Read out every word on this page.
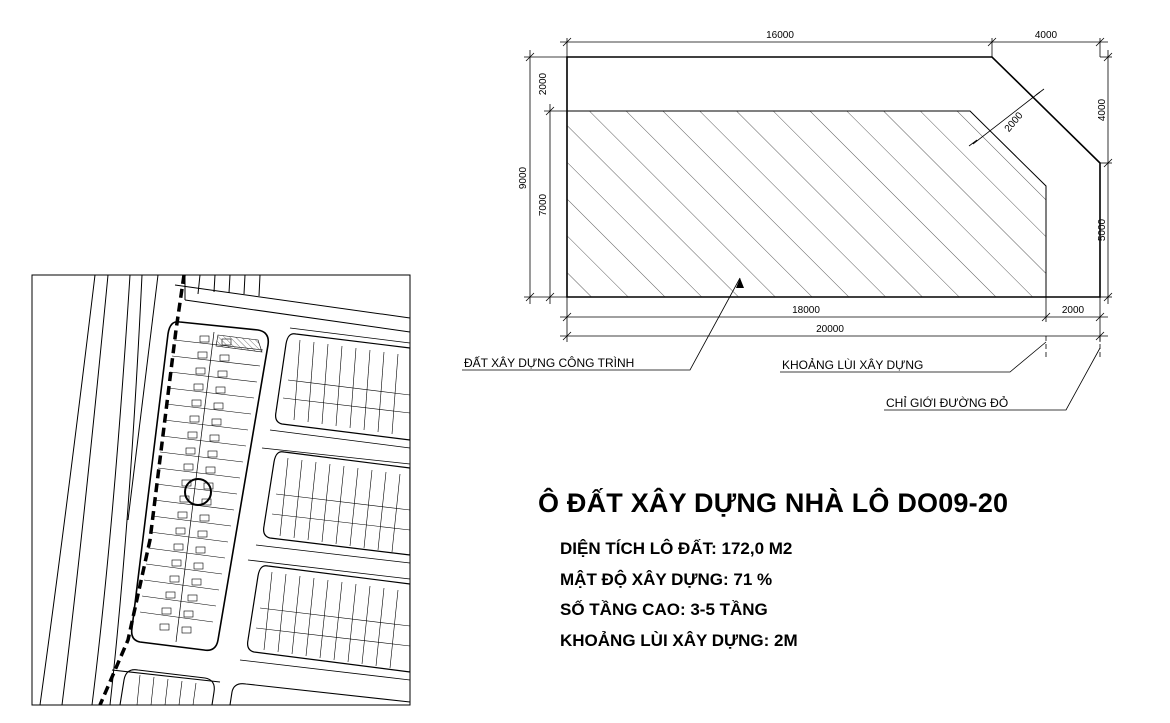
16000	4000
2000
9000
7000
2000
4000
5000
18000	2000
20000
ĐẤT XÂY DỰNG CÔNG TRÌNH	KHOẢNG LÙI XÂY DỰNG
CHỈ GIỚI ĐƯỜNG ĐỎ
Ô ĐẤT XÂY DỰNG NHÀ LÔ DO09-20
DIỆN TÍCH LÔ ĐẤT: 172,0 M2
MẬT ĐỘ XÂY DỰNG: 71 %
SỐ TẦNG CAO: 3-5 TẦNG
KHOẢNG LÙI XÂY DỰNG: 2M
